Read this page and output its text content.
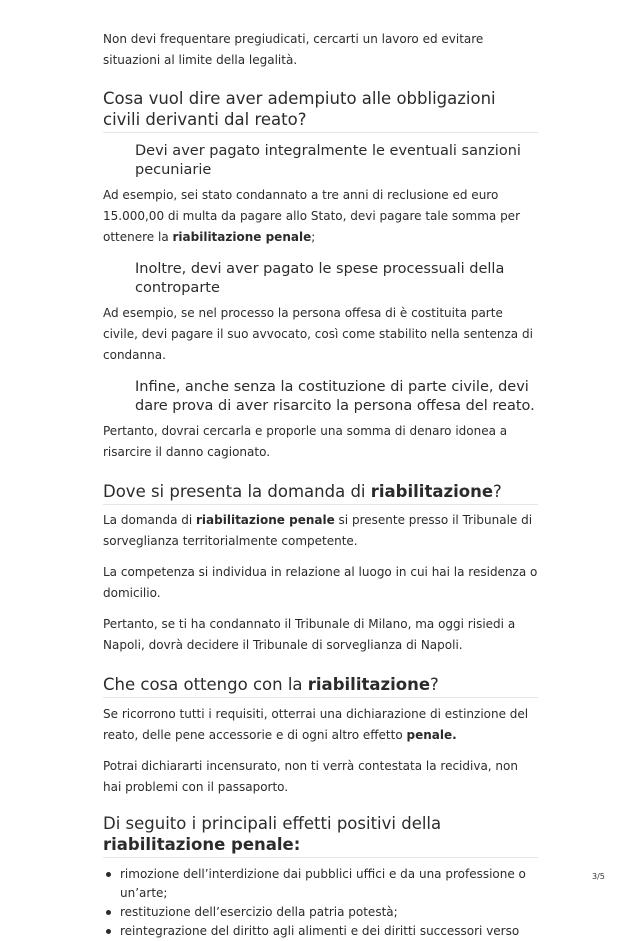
Non devi frequentare pregiudicati, cercarti un lavoro ed evitare situazioni al limite della legalità.

Cosa vuol dire aver adempiuto alle obbligazioni civili derivanti dal reato?
Devi aver pagato integralmente le eventuali sanzioni pecuniarie

Ad esempio, sei stato condannato a tre anni di reclusione ed euro 15.000,00 di multa da pagare allo Stato, devi pagare tale somma per ottenere la riabilitazione penale;

Inoltre, devi aver pagato le spese processuali della controparte

Ad esempio, se nel processo la persona offesa di è costituita parte civile, devi pagare il suo avvocato, così come stabilito nella sentenza di condanna.

Infine, anche senza la costituzione di parte civile, devi dare prova di aver risarcito la persona offesa del reato.

Pertanto, dovrai cercarla e proporle una somma di denaro idonea a risarcire il danno cagionato.

Dove si presenta la domanda di riabilitazione?

La domanda di riabilitazione penale si presente presso il Tribunale di sorveglianza territorialmente competente.

La competenza si individua in relazione al luogo in cui hai la residenza o domicilio.

Pertanto, se ti ha condannato il Tribunale di Milano, ma oggi risiedi a Napoli, dovrà decidere il Tribunale di sorveglianza di Napoli.

Che cosa ottengo con la riabilitazione?

Se ricorrono tutti i requisiti, otterrai una dichiarazione di estinzione del reato, delle pene accessorie e di ogni altro effetto penale.

Potrai dichiararti incensurato, non ti verrà contestata la recidiva, non hai problemi con il passaporto.

Di seguito i principali effetti positivi della riabilitazione penale:
rimozione dell’interdizione dai pubblici uffici e da una professione o un’arte;
restituzione dell’esercizio della patria potestà;
reintegrazione del diritto agli alimenti e dei diritti successori verso
3/5
